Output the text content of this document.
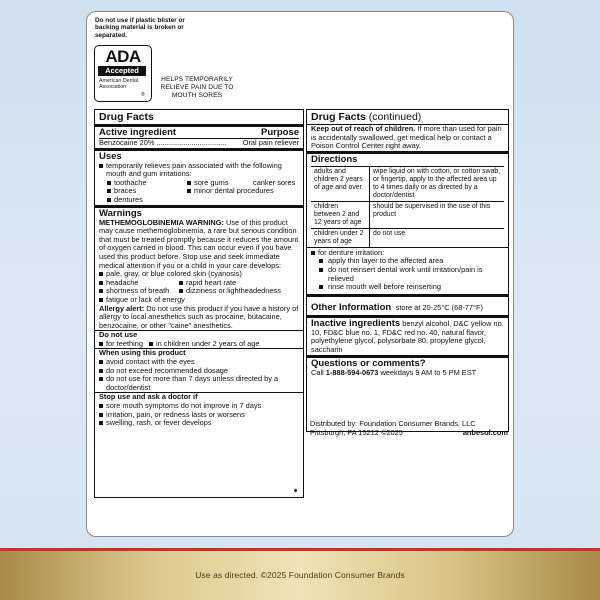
Use as directed. ©2025 Foundation Consumer Brands
Do not use if plastic blister or backing material is broken or separated.
ADA
Accepted
American Dental Association
®
HELPS TEMPORARILY RELIEVE PAIN DUE TO MOUTH SORES
Drug Facts
Active ingredient	Purpose
Benzocaine 20% .................................. Oral pain reliever
Uses
temporarily relieves pain associated with the following mouth and gum irritations:
toothache	sore gums	canker sores
braces	minor dental procedures
dentures
Warnings
METHEMOGLOBINEMIA WARNING: Use of this product may cause methemoglobinemia, a rare but serious condition that must be treated promptly because it reduces the amount of oxygen carried in blood. This can occur even if you have used this product before. Stop use and seek immediate medical attention if you or a child in your care develops:
pale, gray, or blue colored skin (cyanosis)
headache	rapid heart rate
shortness of breath	dizziness or lightheadedness
fatigue or lack of energy
Allergy alert: Do not use this product if you have a history of allergy to local anesthetics such as procaine, butacaine, benzocaine, or other "caine" anesthetics.
Do not use
for teething	in children under 2 years of age
When using this product
avoid contact with the eyes
do not exceed recommended dosage
do not use for more than 7 days unless directed by a doctor/dentist
Stop use and ask a doctor if
sore mouth symptoms do not improve in 7 days
irritation, pain, or redness lasts or worsens
swelling, rash, or fever develops
➧
Drug Facts (continued)
Keep out of reach of children. If more than used for pain is accidentally swallowed, get medical help or contact a Poison Control Center right away.
Directions
adults and children 2 years of age and over	wipe liquid on with cotton, or cotton swab, or fingertip, apply to the affected area up to 4 times daily or as directed by a doctor/dentist
children between 2 and 12 years of age	should be supervised in the use of this product
children under 2 years of age	do not use
for denture irritation:
apply thin layer to the affected area
do not reinsert dental work until irritation/pain is relieved
rinse mouth well before reinserting
Other Information store at 20-25°C (68-77°F)
Inactive ingredients benzyl alcohol, D&C yellow no. 10, FD&C blue no. 1, FD&C red no. 40, natural flavor, polyethylene glycol, polysorbate 80, propylene glycol, saccharin
Questions or comments?
Call 1-888-594-0673 weekdays 9 AM to 5 PM EST
Distributed by: Foundation Consumer Brands, LLC
Pittsburgh, PA 15212 ©2025	anbesol.com
